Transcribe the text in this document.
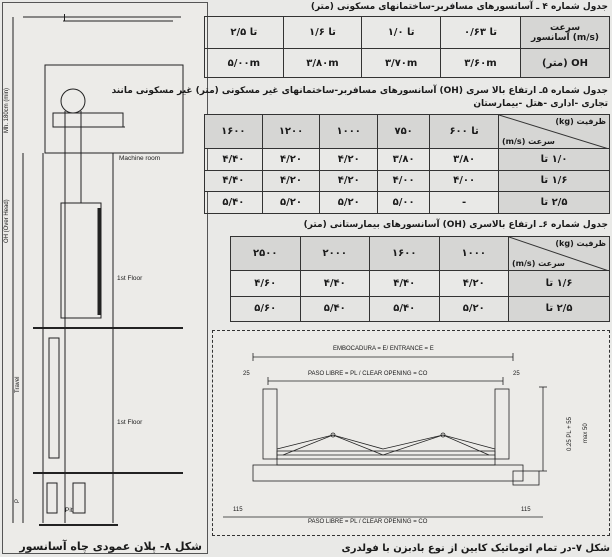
I
Machine room
1st Floor
1st Floor
Pit
Mh. 180cm (min)
OH (Over Head)
Travel
P
شکل ۸- پلان عمودی چاه آسانسور
جدول شماره ۴ ـ آسانسورهای مسافربر-ساختمانهای مسکونی (متر)
۲/۵ تا	۱/۶ تا	۱/۰ تا	۰/۶۳ تا	سرعت
(m/s) آسانسور

۵/۰۰m	۳/۸۰m	۳/۷۰m	۳/۶۰m	OH (متر)
جدول شماره ۵ـ ارتفاع بالا سری (OH) آسانسورهای مسافربر-ساختمانهای غیر مسکونی (متر) غیر مسکونی مانند
تجاری -اداری -هتل -بیمارستان
۱۶۰۰	۱۲۰۰	۱۰۰۰	۷۵۰	۶۰۰ تا	ظرفیت (kg)
سرعت (m/s)

۴/۴۰	۴/۲۰	۴/۲۰	۳/۸۰	۳/۸۰	۱/۰ تا
۴/۴۰	۴/۲۰	۴/۲۰	۴/۰۰	۴/۰۰	۱/۶ تا
۵/۴۰	۵/۲۰	۵/۲۰	۵/۰۰	-	۲/۵ تا
جدول شماره ۶ـ ارتفاع بالاسری (OH) آسانسورهای بیمارستانی (متر)
۲۵۰۰	۲۰۰۰	۱۶۰۰	۱۰۰۰	ظرفیت (kg)
سرعت (m/s)

۴/۶۰	۴/۴۰	۴/۴۰	۴/۲۰	۱/۶ تا
۵/۶۰	۵/۴۰	۵/۴۰	۵/۲۰	۲/۵ تا
EMBOCADURA = E/ ENTRANCE = E
PASO LIBRE = PL / CLEAR OPENING = CO
PASO LIBRE = PL / CLEAR OPENING = CO
25	25
115	115
0.25 PL + 55 max 50
شکل ۷-در تمام اتوماتیک کابین از نوع بادبزن با فولدری
